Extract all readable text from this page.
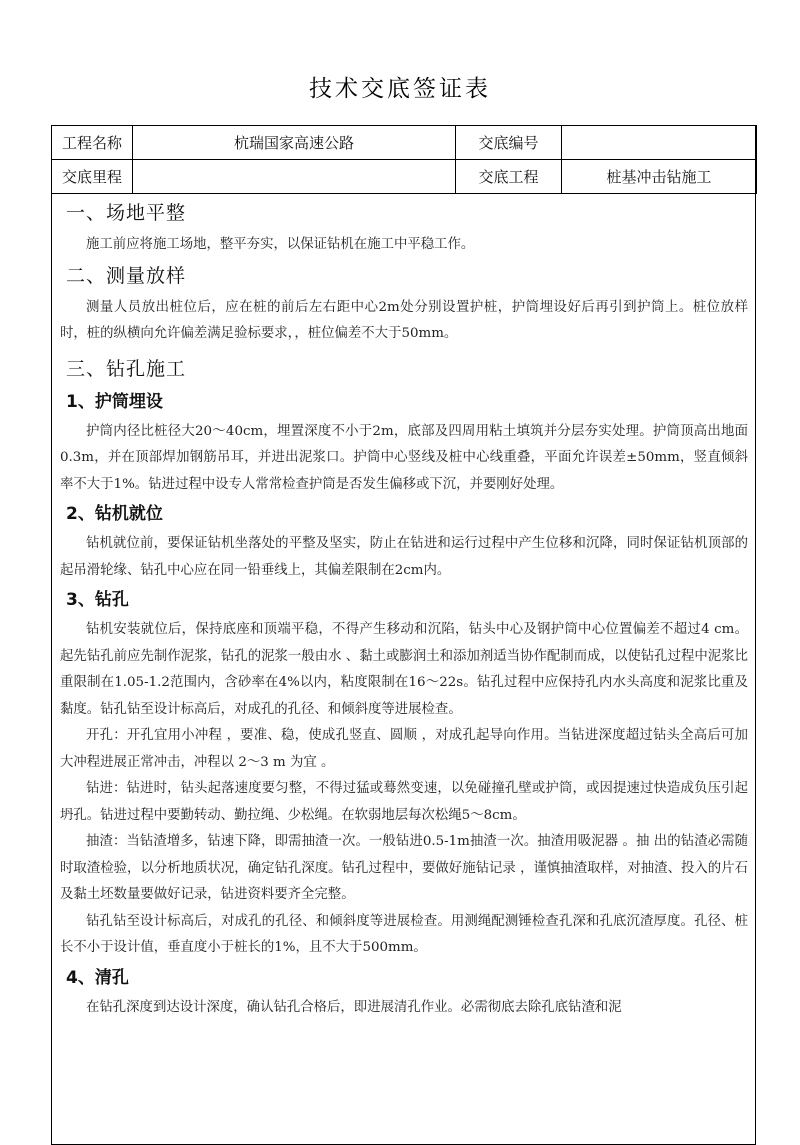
技术交底签证表
工程名称	杭瑞国家高速公路	交底编号	
交底里程		交底工程	桩基冲击钻施工
一、场地平整

施工前应将施工场地，整平夯实，以保证钻机在施工中平稳工作。

二、测量放样

测量人员放出桩位后，应在桩的前后左右距中心2m处分别设置护桩，护筒埋设好后再引到护筒上。桩位放样时，桩的纵横向允许偏差满足验标要求，，桩位偏差不大于50mm。

三、钻孔施工
1、护筒埋设

护筒内径比桩径大20～40cm，埋置深度不小于2m，底部及四周用粘土填筑并分层夯实处理。护筒顶高出地面0.3m，并在顶部焊加钢筋吊耳，并进出泥浆口。护筒中心竖线及桩中心线重叠，平面允许误差±50mm，竖直倾斜率不大于1%。钻进过程中设专人常常检查护筒是否发生偏移或下沉，并要刚好处理。

2、钻机就位

钻机就位前，要保证钻机坐落处的平整及坚实，防止在钻进和运行过程中产生位移和沉降，同时保证钻机顶部的起吊滑轮缘、钻孔中心应在同一铅垂线上，其偏差限制在2cm内。

3、钻孔

钻机安装就位后，保持底座和顶端平稳，不得产生移动和沉陷，钻头中心及钢护筒中心位置偏差不超过4 cm。起先钻孔前应先制作泥浆，钻孔的泥浆一般由水 、黏土或膨润土和添加剂适当协作配制而成，以使钻孔过程中泥浆比重限制在1.05-1.2范围内，含砂率在4%以内，粘度限制在16～22s。钻孔过程中应保持孔内水头高度和泥浆比重及黏度。钻孔钻至设计标高后，对成孔的孔径、和倾斜度等进展检查。

开孔：开孔宜用小冲程 ，要准、稳，使成孔竖直、圆顺 ，对成孔起导向作用。当钻进深度超过钻头全高后可加大冲程进展正常冲击，冲程以 2～3 m 为宜 。

钻进：钻进时，钻头起落速度要匀整，不得过猛或蓦然变速，以免碰撞孔壁或护筒，或因提速过快造成负压引起坍孔。钻进过程中要勤转动、勤拉绳、少松绳。在软弱地层每次松绳5～8cm。

抽渣：当钻渣增多，钻速下降，即需抽渣一次。一般钻进0.5-1m抽渣一次。抽渣用吸泥器 。抽 出的钻渣必需随时取渣检验，以分析地质状况，确定钻孔深度。钻孔过程中，要做好施钻记录 ，谨慎抽渣取样，对抽渣、投入的片石及黏土坯数量要做好记录，钻进资料要齐全完整。

钻孔钻至设计标高后，对成孔的孔径、和倾斜度等进展检查。用测绳配测锤检查孔深和孔底沉渣厚度。孔径、桩长不小于设计值，垂直度小于桩长的1%，且不大于500mm。

4、清孔

在钻孔深度到达设计深度，确认钻孔合格后，即进展清孔作业。必需彻底去除孔底钻渣和泥
